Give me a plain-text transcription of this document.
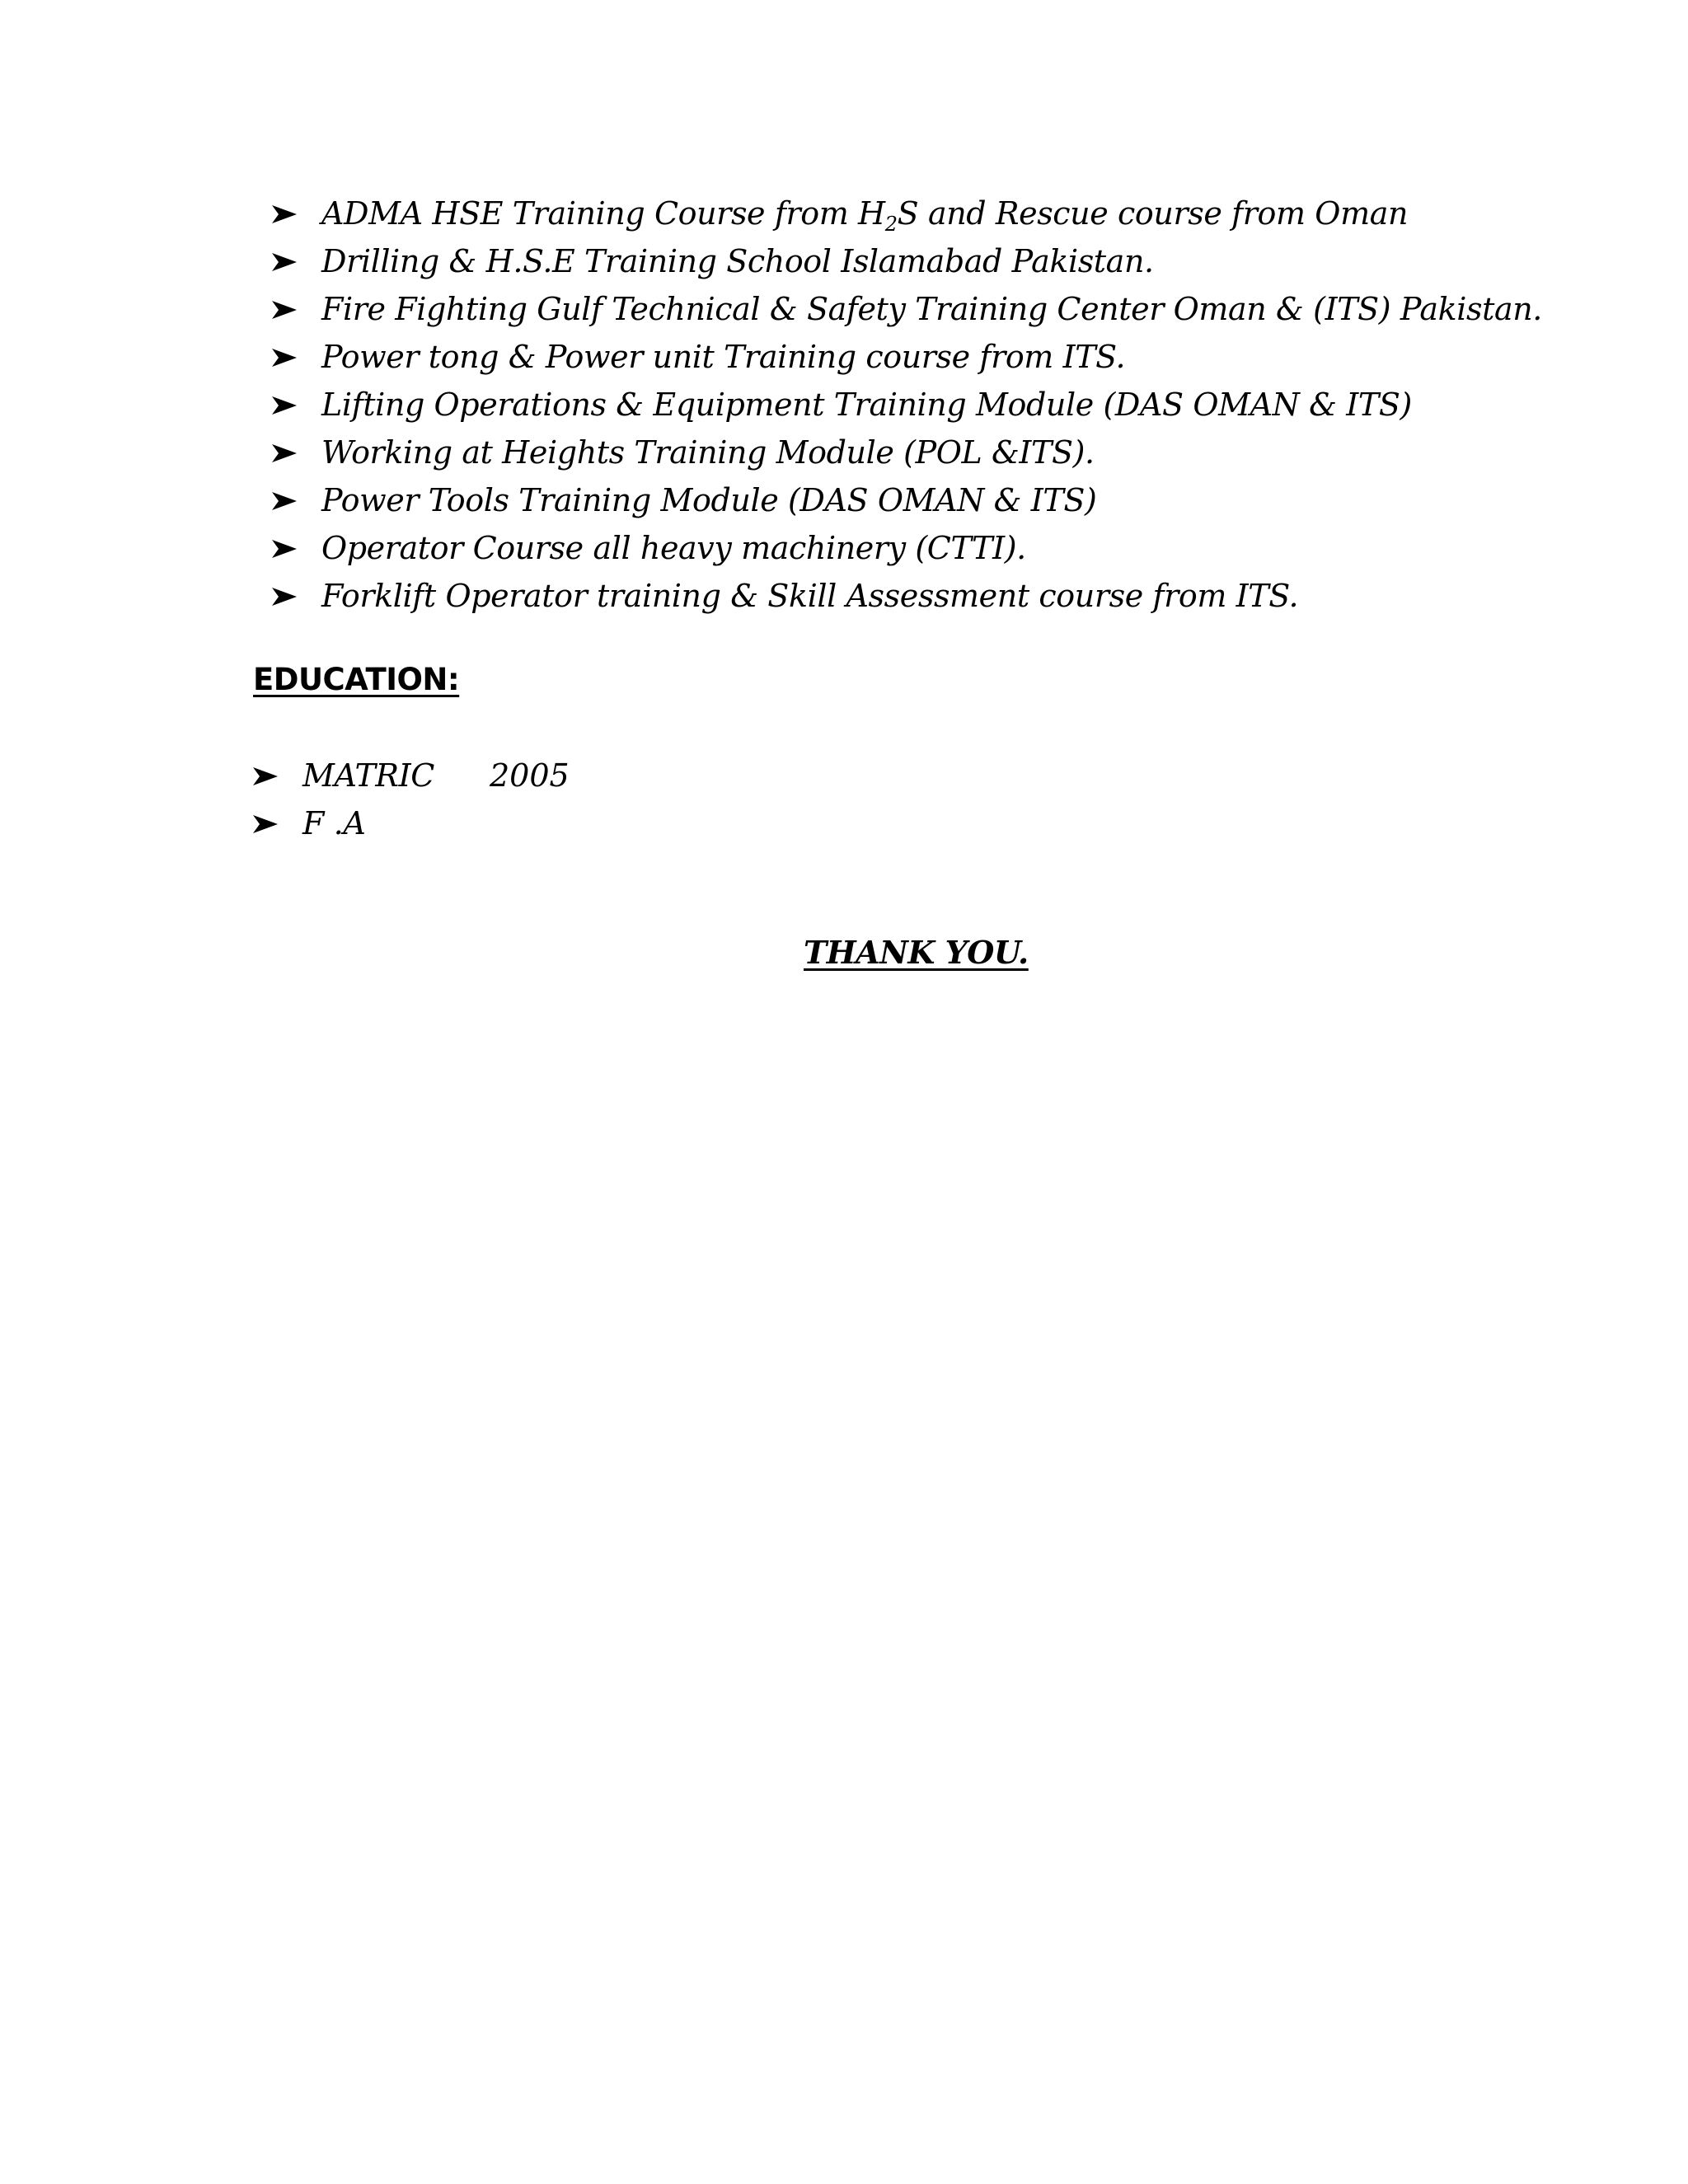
ADMA HSE Training Course from $H_2S$ and Rescue course from Oman
Drilling & H.S.E Training School Islamabad Pakistan.
Fire Fighting Gulf Technical & Safety Training Center Oman & (ITS) Pakistan.
Power tong & Power unit Training course from ITS.
Lifting Operations & Equipment Training Module (DAS OMAN & ITS)
Working at Heights Training Module (POL &ITS).
Power Tools Training Module (DAS OMAN & ITS)
Operator Course all heavy machinery (CTTI).
Forklift Operator training & Skill Assessment course from ITS.
EDUCATION:
MATRIC 2005
F .A
THANK YOU.
